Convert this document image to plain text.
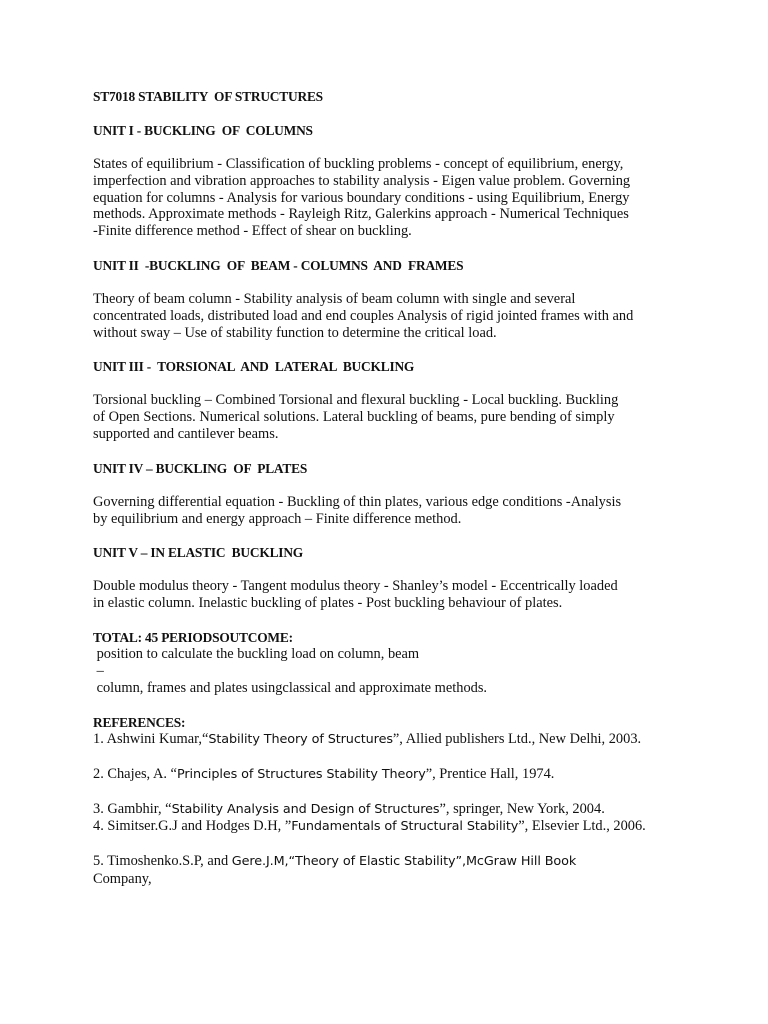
ST7018 STABILITY  OF STRUCTURES

UNIT I - BUCKLING  OF  COLUMNS

States of equilibrium - Classification of buckling problems - concept of equilibrium, energy,
imperfection and vibration approaches to stability analysis - Eigen value problem. Governing
equation for columns - Analysis for various boundary conditions - using Equilibrium, Energy
methods. Approximate methods - Rayleigh Ritz, Galerkins approach - Numerical Techniques
-Finite difference method - Effect of shear on buckling.

UNIT II  -BUCKLING  OF  BEAM - COLUMNS  AND  FRAMES

Theory of beam column - Stability analysis of beam column with single and several
concentrated loads, distributed load and end couples Analysis of rigid jointed frames with and
without sway – Use of stability function to determine the critical load.

UNIT III -  TORSIONAL  AND  LATERAL  BUCKLING

Torsional buckling – Combined Torsional and flexural buckling - Local buckling. Buckling
of Open Sections. Numerical solutions. Lateral buckling of beams, pure bending of simply
supported and cantilever beams.

UNIT IV – BUCKLING  OF  PLATES

Governing differential equation - Buckling of thin plates, various edge conditions -Analysis
by equilibrium and energy approach – Finite difference method.

UNIT V – IN ELASTIC  BUCKLING

Double modulus theory - Tangent modulus theory - Shanley’s model - Eccentrically loaded
in elastic column. Inelastic buckling of plates - Post buckling behaviour of plates.

TOTAL: 45 PERIODSOUTCOME:

position to calculate the buckling load on column, beam

–

column, frames and plates usingclassical and approximate methods.

REFERENCES:

1. Ashwini Kumar,“Stability Theory of Structures”, Allied publishers Ltd., New Delhi, 2003.

2. Chajes, A. “Principles of Structures Stability Theory”, Prentice Hall, 1974.

3. Gambhir, “Stability Analysis and Design of Structures”, springer, New York, 2004.

4. Simitser.G.J and Hodges D.H, ”Fundamentals of Structural Stability”, Elsevier Ltd., 2006.

5. Timoshenko.S.P, and Gere.J.M,“Theory of Elastic Stability”,McGraw Hill Book

Company,
